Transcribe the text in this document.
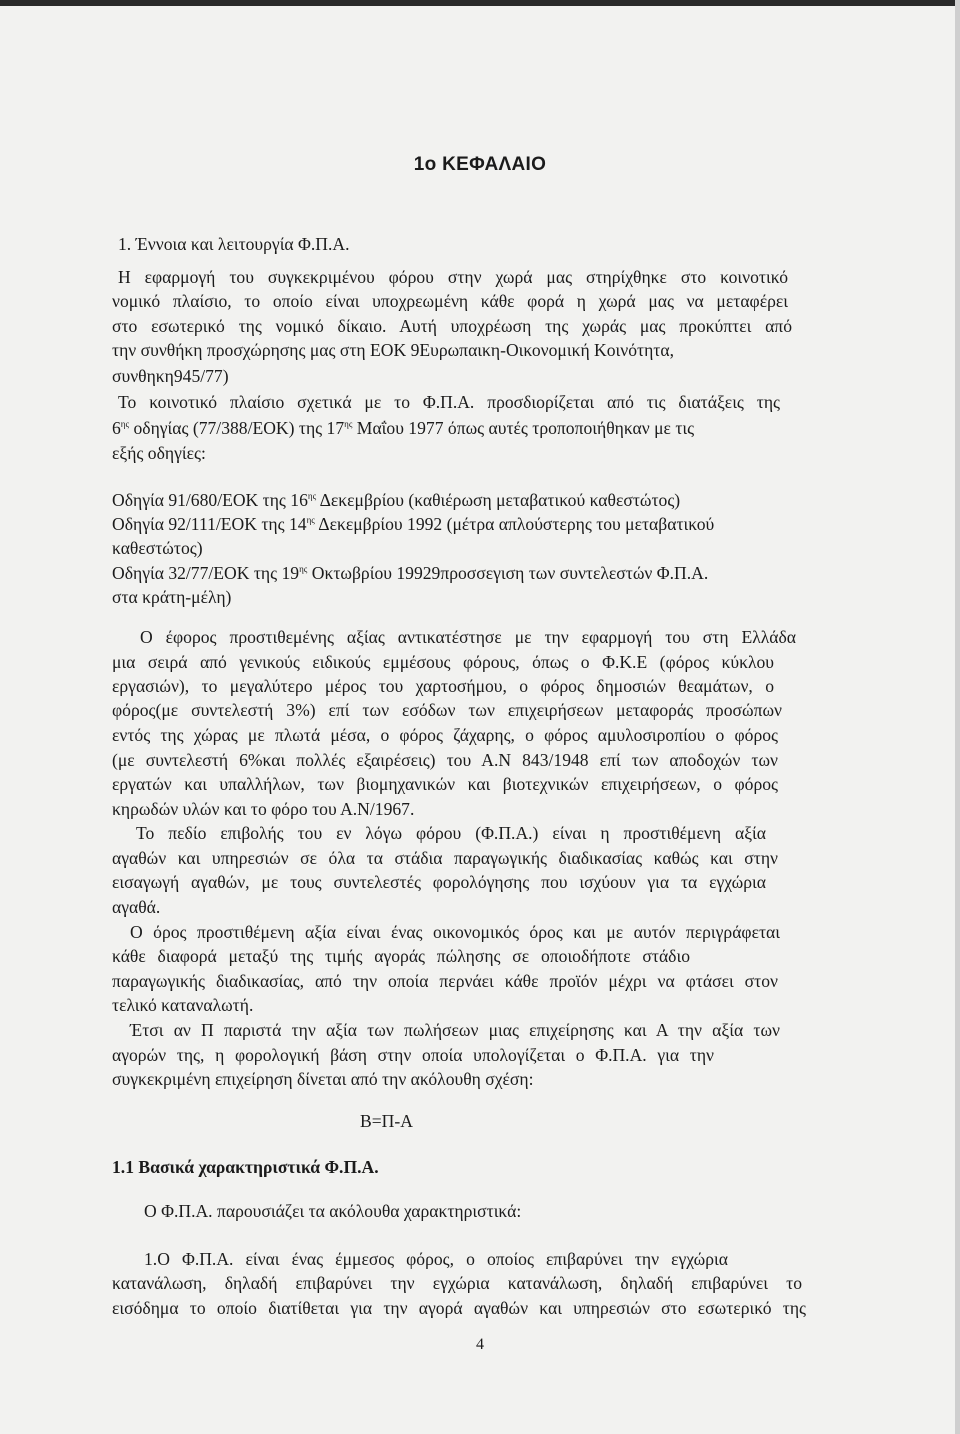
1ο ΚΕΦΑΛΑΙΟ
1. Έννοια και λειτουργία Φ.Π.Α.
Η εφαρμογή του συγκεκριμένου φόρου στην χωρά μας στηρίχθηκε στο κοινοτικό
νομικό πλαίσιο, το οποίο είναι υποχρεωμένη κάθε φορά η χωρά μας να μεταφέρει
στο εσωτερικό της νομικό δίκαιο. Αυτή υποχρέωση της χωράς μας προκύπτει από
την συνθήκη προσχώρησης μας στη ΕΟΚ 9Ευρωπαικη-Οικονομική Κοινότητα,
συνθηκη945/77)
Το κοινοτικό πλαίσιο σχετικά με το Φ.Π.Α. προσδιορίζεται από τις διατάξεις της
$6^{\eta\varsigma}$ οδηγίας (77/388/ΕΟΚ) της $17^{\eta\varsigma}$ Μαΐου 1977 όπως αυτές τροποποιήθηκαν με τις
εξής οδηγίες:
Οδηγία 91/680/ΕΟΚ της $16^{\eta\varsigma}$ Δεκεμβρίου (καθιέρωση μεταβατικού καθεστώτος)
Οδηγία 92/111/ΕΟΚ της $14^{\eta\varsigma}$ Δεκεμβρίου 1992 (μέτρα απλούστερης του μεταβατικού
καθεστώτος)
Οδηγία 32/77/ΕΟΚ της $19^{\eta\varsigma}$ Οκτωβρίου 19929προσσεγιση των συντελεστών Φ.Π.Α.
στα κράτη-μέλη)
Ο έφορος προστιθεμένης αξίας αντικατέστησε με την εφαρμογή του στη Ελλάδα
μια σειρά από γενικούς ειδικούς εμμέσους φόρους, όπως ο Φ.Κ.Ε (φόρος κύκλου
εργασιών), το μεγαλύτερο μέρος του χαρτοσήμου, ο φόρος δημοσιών θεαμάτων, ο
φόρος(με συντελεστή 3%) επί των εσόδων των επιχειρήσεων μεταφοράς προσώπων
εντός της χώρας με πλωτά μέσα, ο φόρος ζάχαρης, ο φόρος αμυλοσιροπίου ο φόρος
(με συντελεστή 6%και πολλές εξαιρέσεις) του Α.Ν 843/1948 επί των αποδοχών των
εργατών και υπαλλήλων, των βιομηχανικών και βιοτεχνικών επιχειρήσεων, ο φόρος
κηρωδών υλών και το φόρο του Α.Ν/1967.
Το πεδίο επιβολής του εν λόγω φόρου (Φ.Π.Α.) είναι η προστιθέμενη αξία
αγαθών και υπηρεσιών σε όλα τα στάδια παραγωγικής διαδικασίας καθώς και στην
εισαγωγή αγαθών, με τους συντελεστές φορολόγησης που ισχύουν για τα εγχώρια
αγαθά.
Ο όρος προστιθέμενη αξία είναι ένας οικονομικός όρος και με αυτόν περιγράφεται
κάθε διαφορά μεταξύ της τιμής αγοράς πώλησης σε οποιοδήποτε στάδιο
παραγωγικής διαδικασίας, από την οποία περνάει κάθε προϊόν μέχρι να φτάσει στον
τελικό καταναλωτή.
Έτσι αν Π παριστά την αξία των πωλήσεων μιας επιχείρησης και Α την αξία των
αγορών της, η φορολογική βάση στην οποία υπολογίζεται ο Φ.Π.Α. για την
συγκεκριμένη επιχείρηση δίνεται από την ακόλουθη σχέση:
Β=Π-Α
1.1 Βασικά χαρακτηριστικά Φ.Π.Α.
Ο Φ.Π.Α. παρουσιάζει τα ακόλουθα χαρακτηριστικά:
1.Ο Φ.Π.Α. είναι ένας έμμεσος φόρος, ο οποίος επιβαρύνει την εγχώρια
κατανάλωση, δηλαδή επιβαρύνει την εγχώρια κατανάλωση, δηλαδή επιβαρύνει το
εισόδημα το οποίο διατίθεται για την αγορά αγαθών και υπηρεσιών στο εσωτερικό της
4
